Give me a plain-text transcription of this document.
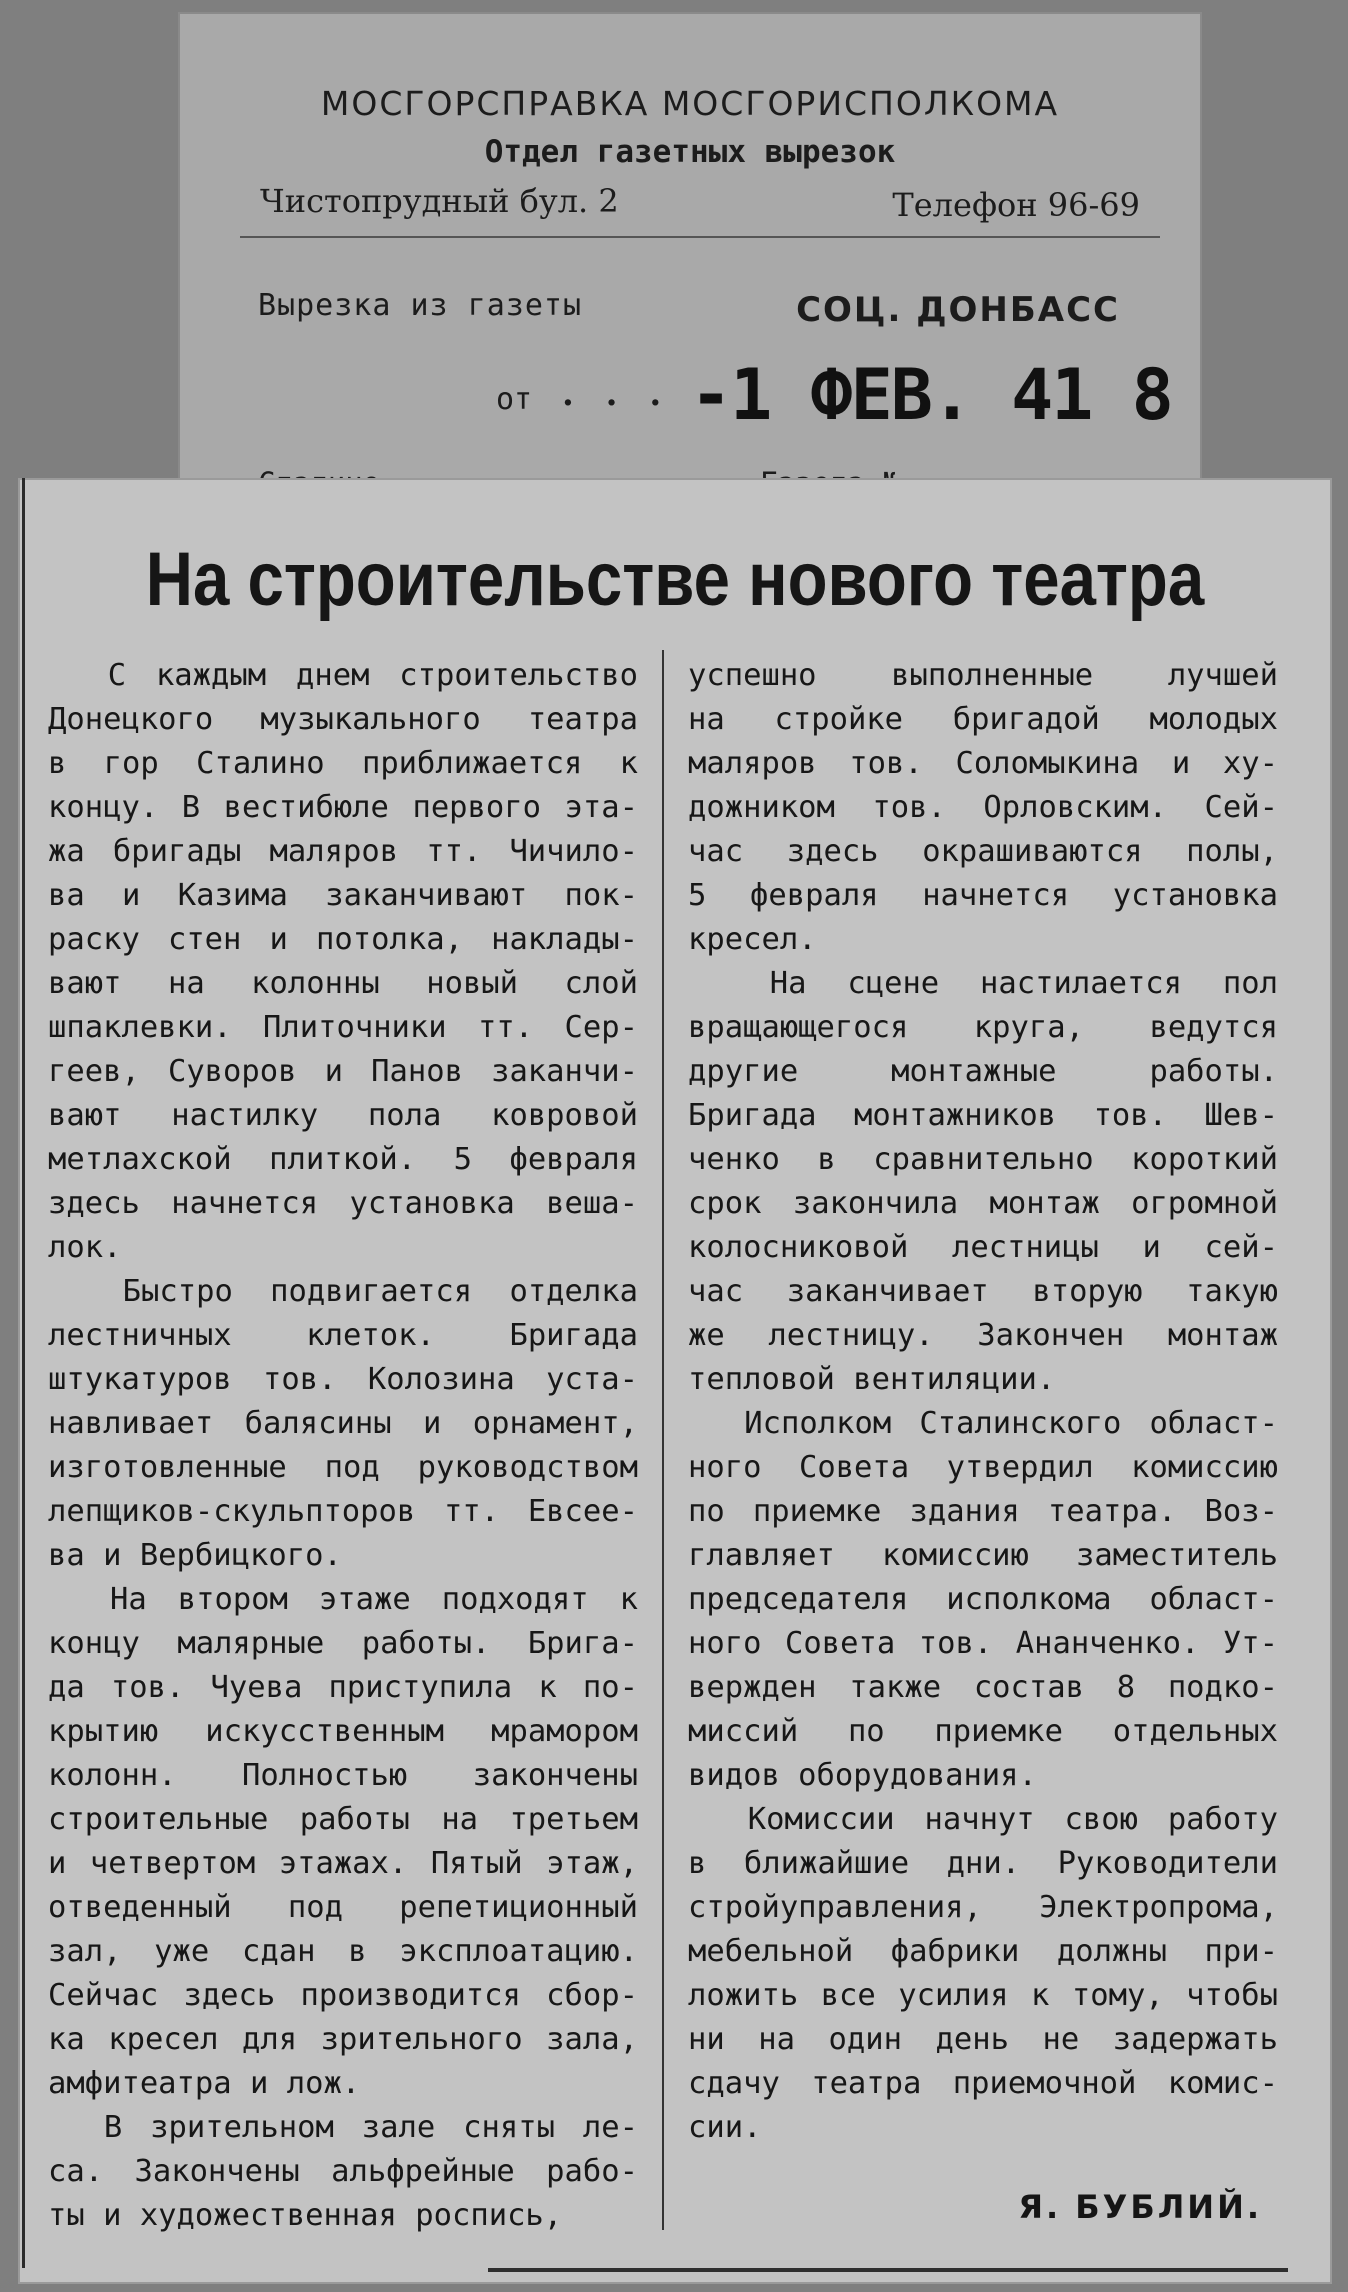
МОСГОРСПРАВКА МОСГОРИСПОЛКОМА
Отдел газетных вырезок
Чистопрудный бул. 2	Телефон 96-69
Вырезка из газеты	СОЦ. ДОНБАСС
от . . . -1 ФЕВ. 41 8
На строительстве нового театра
С каждым днем строительство
Донецкого музыкального театра
в гор Сталино приближается к
концу. В вестибюле первого эта-
жа бригады маляров тт. Чичило-
ва и Казима заканчивают пок-
раску стен и потолка, наклады-
вают на колонны новый слой
шпаклевки. Плиточники тт. Сер-
геев, Суворов и Панов заканчи-
вают настилку пола ковровой
метлахской плиткой. 5 февраля
здесь начнется установка веша-
лок.
Быстро подвигается отделка
лестничных клеток. Бригада
штукатуров тов. Колозина уста-
навливает балясины и орнамент,
изготовленные под руководством
лепщиков-скульпторов тт. Евсее-
ва и Вербицкого.
На втором этаже подходят к
концу малярные работы. Брига-
да тов. Чуева приступила к по-
крытию искусственным мрамором
колонн. Полностью закончены
строительные работы на третьем
и четвертом этажах. Пятый этаж,
отведенный под репетиционный
зал, уже сдан в эксплоатацию.
Сейчас здесь производится сбор-
ка кресел для зрительного зала,
амфитеатра и лож.
В зрительном зале сняты ле-
са. Закончены альфрейные рабо-
ты и художественная роспись,
успешно выполненные лучшей
на стройке бригадой молодых
маляров тов. Соломыкина и ху-
дожником тов. Орловским. Сей-
час здесь окрашиваются полы,
5 февраля начнется установка
кресел.
На сцене настилается пол
вращающегося круга, ведутся
другие монтажные работы.
Бригада монтажников тов. Шев-
ченко в сравнительно короткий
срок закончила монтаж огромной
колосниковой лестницы и сей-
час заканчивает вторую такую
же лестницу. Закончен монтаж
тепловой вентиляции.
Исполком Сталинского област-
ного Совета утвердил комиссию
по приемке здания театра. Воз-
главляет комиссию заместитель
председателя исполкома област-
ного Совета тов. Ананченко. Ут-
вержден также состав 8 подко-
миссий по приемке отдельных
видов оборудования.
Комиссии начнут свою работу
в ближайшие дни. Руководители
стройуправления, Электропрома,
мебельной фабрики должны при-
ложить все усилия к тому, чтобы
ни на один день не задержать
сдачу театра приемочной комис-
сии.
Я. БУБЛИЙ.
